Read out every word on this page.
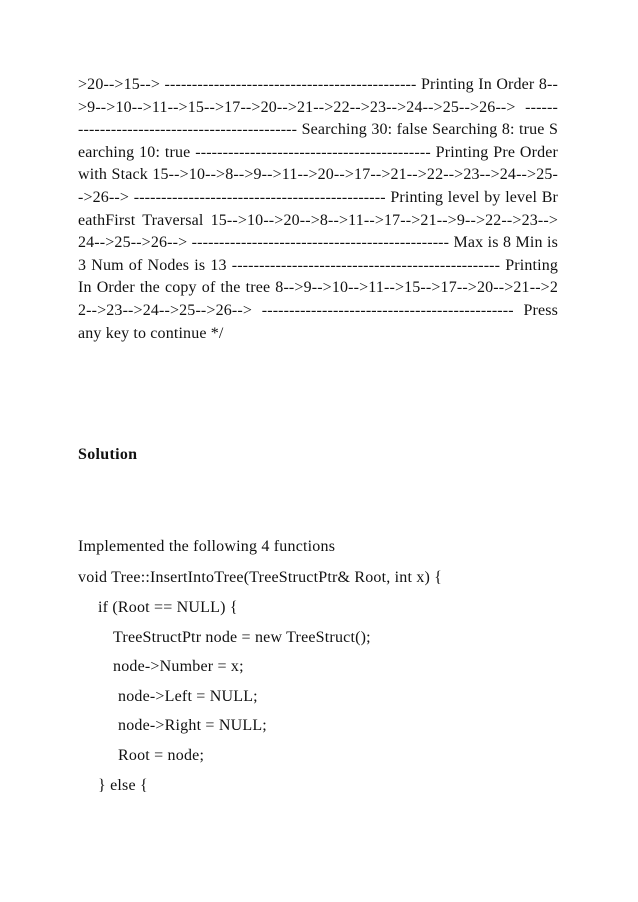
>20-->15--> ---------------------------------------------- Printing In Order 8-->9-->10-->11-->15-->17-->20-->21-->22-->23-->24-->25-->26--> ---------------------------------------------- Searching 30: false Searching 8: true Searching 10: true ------------------------------------------- Printing Pre Order with Stack 15-->10-->8-->9-->11-->20-->17-->21-->22-->23-->24-->25-->26--> ---------------------------------------------- Printing level by level BreathFirst Traversal 15-->10-->20-->8-->11-->17-->21-->9-->22-->23-->24-->25-->26--> ----------------------------------------------- Max is 8 Min is 3 Num of Nodes is 13 ------------------------------------------------- Printing In Order the copy of the tree 8-->9-->10-->11-->15-->17-->20-->21-->22-->23-->24-->25-->26--> ---------------------------------------------- Press any key to continue */
Solution
Implemented the following 4 functions
void Tree::InsertIntoTree(TreeStructPtr& Root, int x) {
if (Root == NULL) {
TreeStructPtr node = new TreeStruct();
node->Number = x;
node->Left = NULL;
node->Right = NULL;
Root = node;
} else {
